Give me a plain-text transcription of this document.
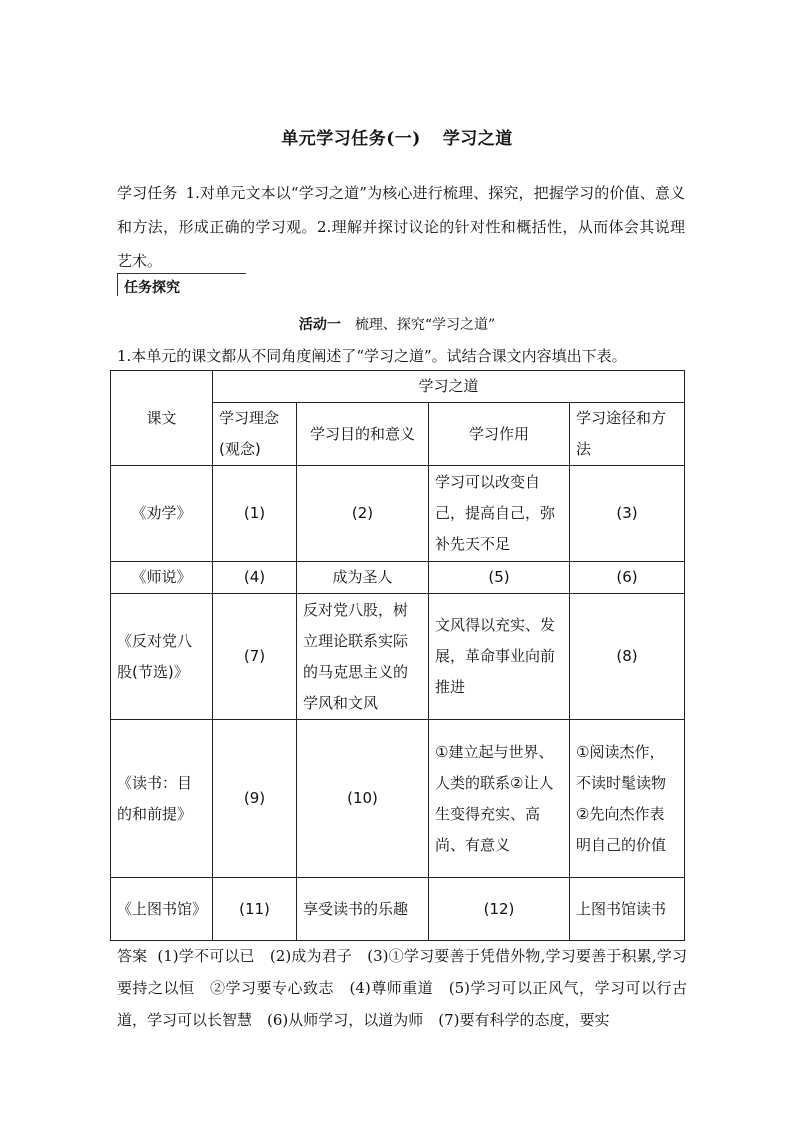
单元学习任务(一) 学习之道
学习任务 1.对单元文本以“学习之道”为核心进行梳理、探究，把握学习的价值、意义和方法，形成正确的学习观。2.理解并探讨议论的针对性和概括性，从而体会其说理艺术。
任务探究
活动一 梳理、探究“学习之道”
1.本单元的课文都从不同角度阐述了“学习之道”。试结合课文内容填出下表。
课文	学习之道			
	学习理念(观念)	学习目的和意义	学习作用	学习途径和方法
《劝学》	(1)	(2)	学习可以改变自己，提高自己，弥补先天不足	(3)
《师说》	(4)	成为圣人	(5)	(6)
《反对党八股(节选)》	(7)	反对党八股，树立理论联系实际的马克思主义的学风和文风	文风得以充实、发展，革命事业向前推进	(8)
《读书：目的和前提》	(9)	(10)	①建立起与世界、人类的联系②让人生变得充实、高尚、有意义	①阅读杰作，不读时髦读物②先向杰作表明自己的价值
《上图书馆》	(11)	享受读书的乐趣	(12)	上图书馆读书
答案 (1)学不可以已　(2)成为君子　(3)①学习要善于凭借外物,学习要善于积累,学习要持之以恒　②学习要专心致志　(4)尊师重道　(5)学习可以正风气，学习可以行古道，学习可以长智慧　(6)从师学习，以道为师　(7)要有科学的态度，要实
